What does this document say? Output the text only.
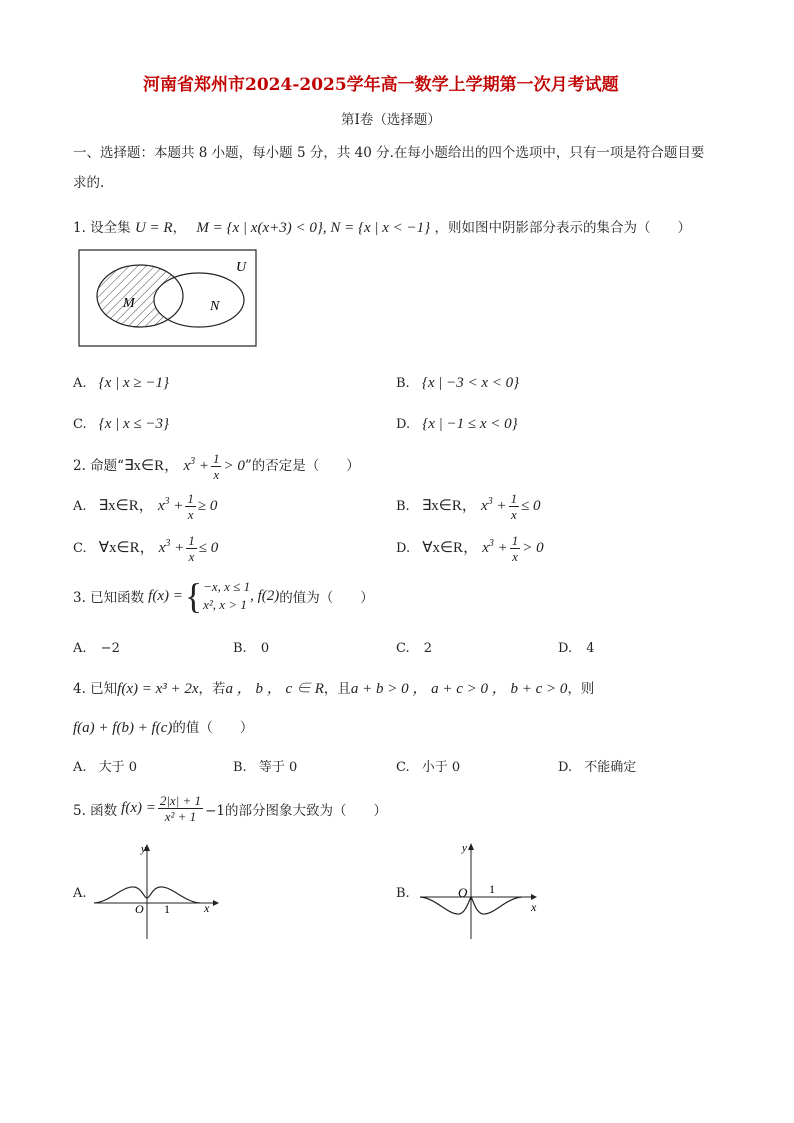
河南省郑州市2024-2025学年高一数学上学期第一次月考试题
第Ⅰ卷（选择题）
一、选择题：本题共 8 小题，每小题 5 分，共 40 分.在每小题给出的四个选项中，只有一项是符合题目要
求的.
1. 设全集 U = R， M = {x | x(x+3) < 0}, N = {x | x < −1} ，则如图中阴影部分表示的集合为（　　）
U
M	N
A. {x | x ≥ −1}	B. {x | −3 < x < 0}
C. {x | x ≤ −3}	D. {x | −1 ≤ x < 0}
2. 命题“∃x∈R， $x^3 + \frac{1}{x} > 0$”的否定是（　　）
A. ∃x∈R， $x^3 + \frac{1}{x} \ge 0$	B. ∃x∈R， $x^3 + \frac{1}{x} \le 0$
C. ∀x∈R， $x^3 + \frac{1}{x} \le 0$	D. ∀x∈R， $x^3 + \frac{1}{x} > 0$
3. 已知函数 f(x) = { −x, x ≤ 1
x², x > 1
, f(2) 的值为（　　）
A. −2	B. 0	C. 2	D. 4
4. 已知f(x) = x³ + 2x，若a ， b ， c ∈ R，且a + b > 0 ， a + c > 0 ， b + c > 0，则
f(a) + f(b) + f(c)的值（　　）
A. 大于 0	B. 等于 0	C. 小于 0	D. 不能确定
5. 函数 $f(x) = \frac{2|x| + 1}{\text{x² + 1}} -1$的部分图象大致为（　　）
A.
y
x
O 1
B.
y
x
O 1
